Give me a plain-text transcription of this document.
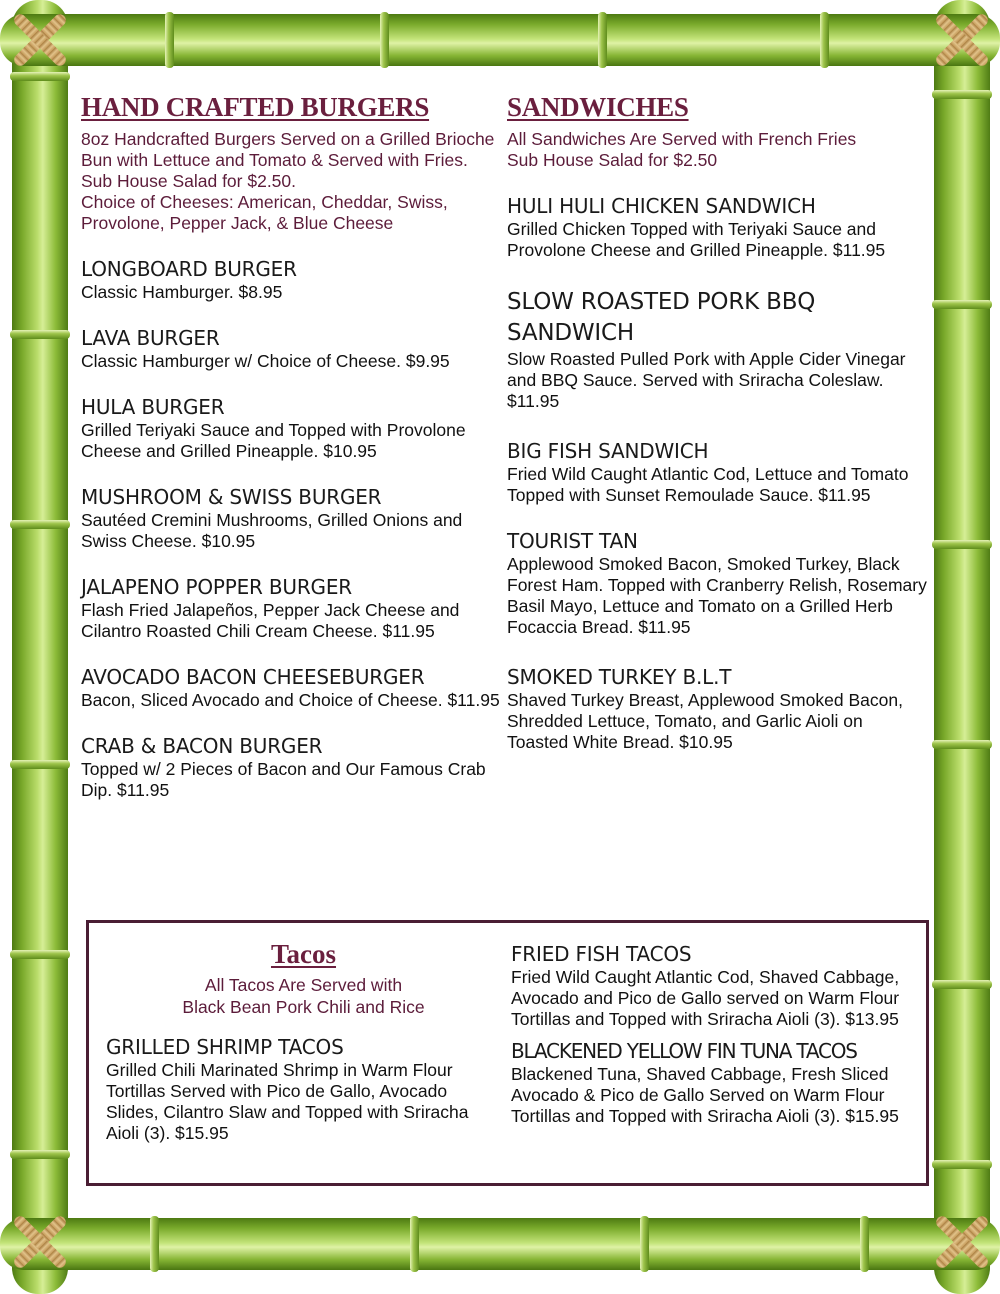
HAND CRAFTED BURGERS

8oz Handcrafted Burgers Served on a Grilled Brioche Bun with Lettuce and Tomato & Served with Fries.

Sub House Salad for $2.50.

Choice of Cheeses: American, Cheddar, Swiss, Provolone, Pepper Jack, & Blue Cheese

LONGBOARD BURGER
Classic Hamburger. $8.95
LAVA BURGER
Classic Hamburger w/ Choice of Cheese. $9.95
HULA BURGER
Grilled Teriyaki Sauce and Topped with Provolone Cheese and Grilled Pineapple. $10.95
MUSHROOM & SWISS BURGER
Sautéed Cremini Mushrooms, Grilled Onions and Swiss Cheese. $10.95
JALAPENO POPPER BURGER
Flash Fried Jalapeños, Pepper Jack Cheese and Cilantro Roasted Chili Cream Cheese. $11.95
AVOCADO BACON CHEESEBURGER
Bacon, Sliced Avocado and Choice of Cheese. $11.95
CRAB & BACON BURGER
Topped w/ 2 Pieces of Bacon and Our Famous Crab Dip. $11.95
SANDWICHES

All Sandwiches Are Served with French Fries

Sub House Salad for $2.50

HULI HULI CHICKEN SANDWICH
Grilled Chicken Topped with Teriyaki Sauce and Provolone Cheese and Grilled Pineapple. $11.95
SLOW ROASTED PORK BBQ SANDWICH
Slow Roasted Pulled Pork with Apple Cider Vinegar and BBQ Sauce. Served with Sriracha Coleslaw. $11.95
BIG FISH SANDWICH
Fried Wild Caught Atlantic Cod, Lettuce and Tomato Topped with Sunset Remoulade Sauce. $11.95
TOURIST TAN
Applewood Smoked Bacon, Smoked Turkey, Black Forest Ham. Topped with Cranberry Relish, Rosemary Basil Mayo, Lettuce and Tomato on a Grilled Herb Focaccia Bread. $11.95
SMOKED TURKEY B.L.T
Shaved Turkey Breast, Applewood Smoked Bacon, Shredded Lettuce, Tomato, and Garlic Aioli on Toasted White Bread. $10.95
Tacos
All Tacos Are Served with
Black Bean Pork Chili and Rice
GRILLED SHRIMP TACOS
Grilled Chili Marinated Shrimp in Warm Flour Tortillas Served with Pico de Gallo, Avocado Slides, Cilantro Slaw and Topped with Sriracha Aioli (3). $15.95
FRIED FISH TACOS
Fried Wild Caught Atlantic Cod, Shaved Cabbage, Avocado and Pico de Gallo served on Warm Flour Tortillas and Topped with Sriracha Aioli (3). $13.95
BLACKENED YELLOW FIN TUNA TACOS
Blackened Tuna, Shaved Cabbage, Fresh Sliced Avocado & Pico de Gallo Served on Warm Flour Tortillas and Topped with Sriracha Aioli (3). $15.95
